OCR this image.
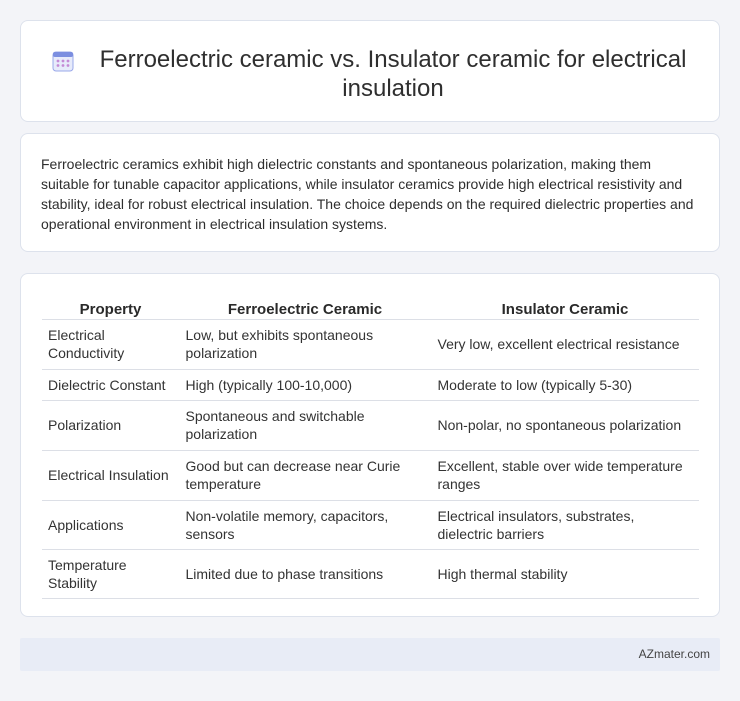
Ferroelectric ceramic vs. Insulator ceramic for electrical insulation

Ferroelectric ceramics exhibit high dielectric constants and spontaneous polarization, making them suitable for tunable capacitor applications, while insulator ceramics provide high electrical resistivity and stability, ideal for robust electrical insulation. The choice depends on the required dielectric properties and operational environment in electrical insulation systems.

Property	Ferroelectric Ceramic	Insulator Ceramic
Electrical Conductivity	Low, but exhibits spontaneous polarization	Very low, excellent electrical resistance
Dielectric Constant	High (typically 100-10,000)	Moderate to low (typically 5-30)
Polarization	Spontaneous and switchable polarization	Non-polar, no spontaneous polarization
Electrical Insulation	Good but can decrease near Curie temperature	Excellent, stable over wide temperature ranges
Applications	Non-volatile memory, capacitors, sensors	Electrical insulators, substrates, dielectric barriers
Temperature Stability	Limited due to phase transitions	High thermal stability
AZmater.com
